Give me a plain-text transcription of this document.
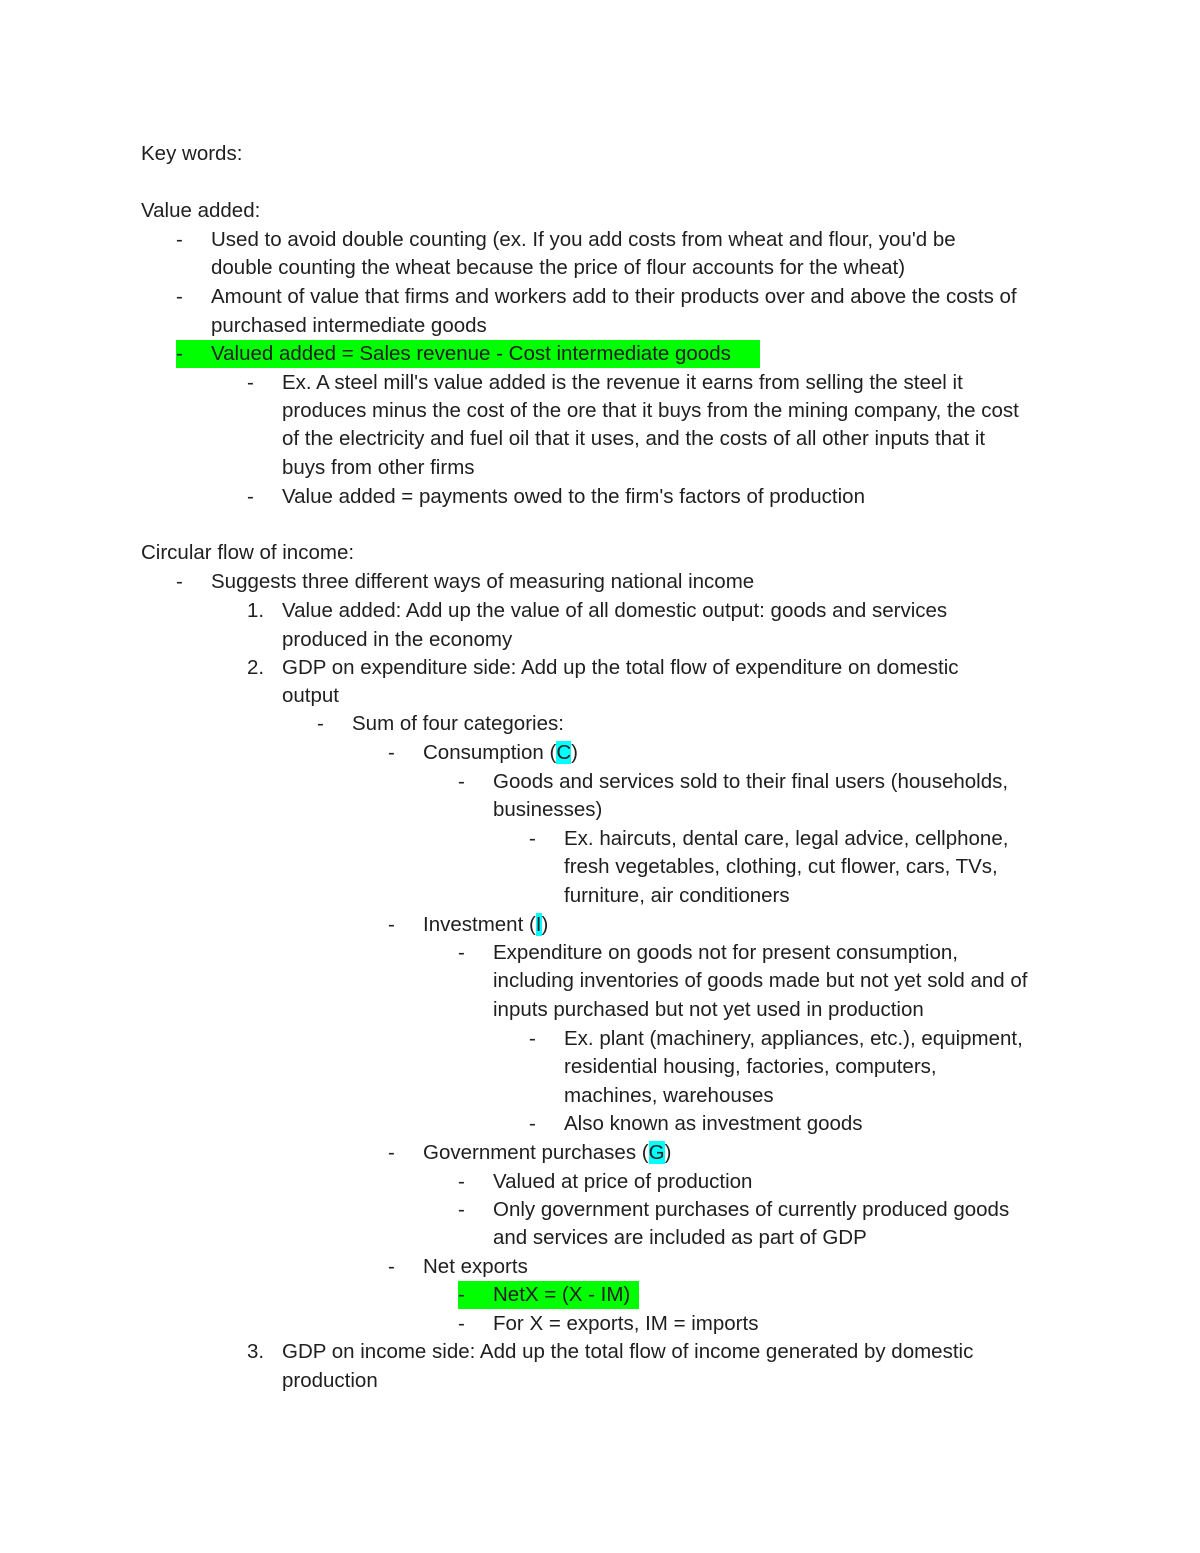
Key words:
Value added:
- Used to avoid double counting (ex. If you add costs from wheat and flour, you'd be
double counting the wheat because the price of flour accounts for the wheat)
- Amount of value that firms and workers add to their products over and above the costs of
purchased intermediate goods
- Valued added = Sales revenue - Cost intermediate goods
- Ex. A steel mill's value added is the revenue it earns from selling the steel it
produces minus the cost of the ore that it buys from the mining company, the cost
of the electricity and fuel oil that it uses, and the costs of all other inputs that it
buys from other firms
- Value added = payments owed to the firm's factors of production
Circular flow of income:
- Suggests three different ways of measuring national income
1. Value added: Add up the value of all domestic output: goods and services
produced in the economy
2. GDP on expenditure side: Add up the total flow of expenditure on domestic
output
- Sum of four categories:
- Consumption (C)
- Goods and services sold to their final users (households,
businesses)
- Ex. haircuts, dental care, legal advice, cellphone,
fresh vegetables, clothing, cut flower, cars, TVs,
furniture, air conditioners
- Investment (I)
- Expenditure on goods not for present consumption,
including inventories of goods made but not yet sold and of
inputs purchased but not yet used in production
- Ex. plant (machinery, appliances, etc.), equipment,
residential housing, factories, computers,
machines, warehouses
- Also known as investment goods
- Government purchases (G)
- Valued at price of production
- Only government purchases of currently produced goods
and services are included as part of GDP
- Net exports
- NetX = (X - IM)
- For X = exports, IM = imports
3. GDP on income side: Add up the total flow of income generated by domestic
production
